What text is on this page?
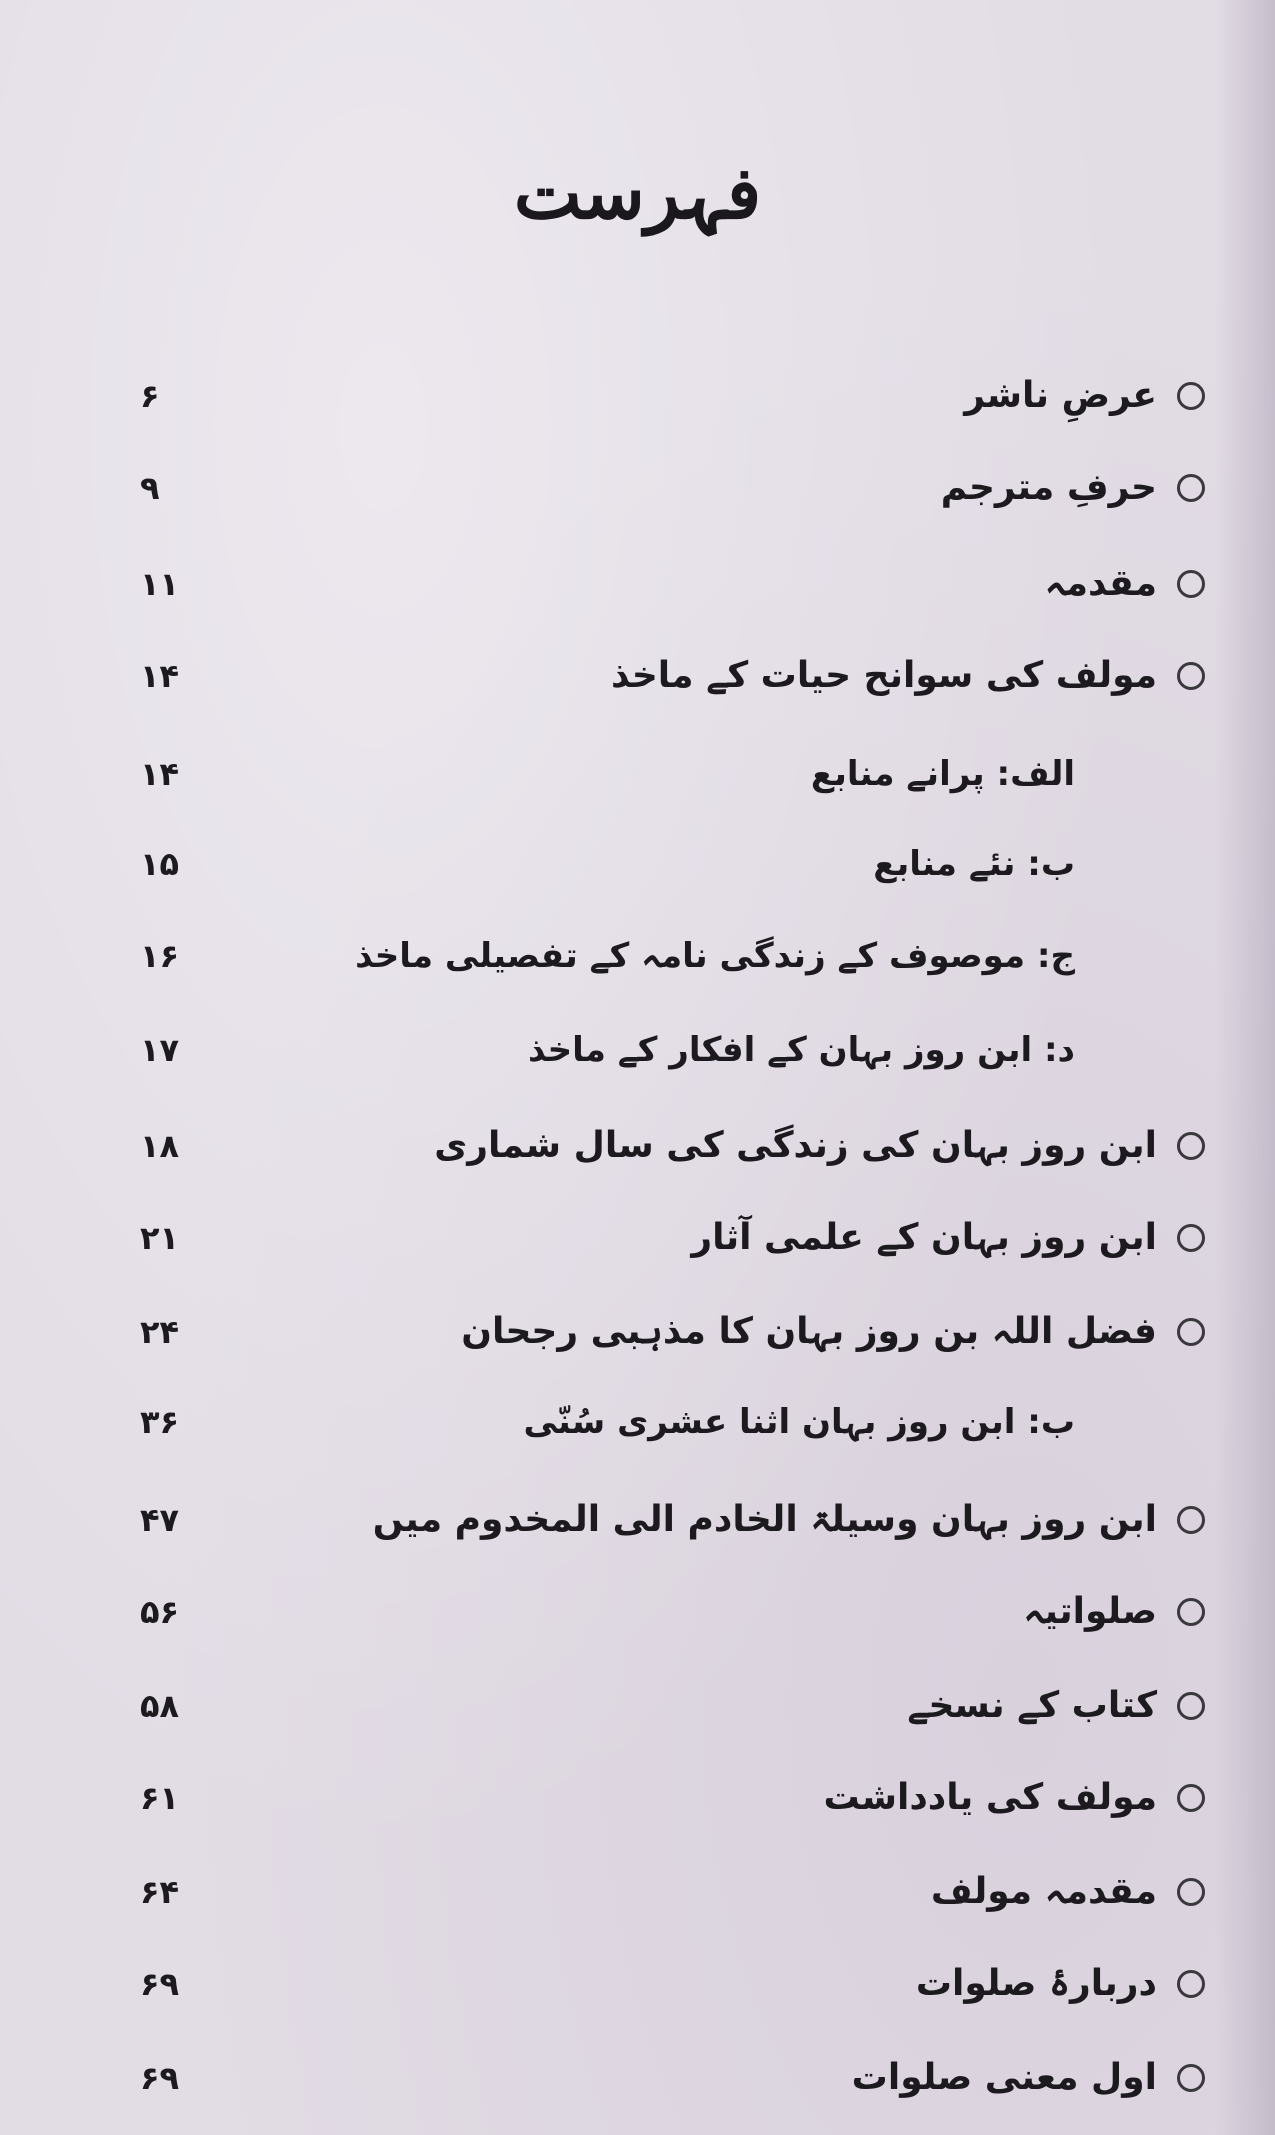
فہرست
عرضِ ناشر
۶
حرفِ مترجم
۹
مقدمہ
۱۱
مولف کی سوانح حیات کے ماخذ
۱۴
الف: پرانے منابع
۱۴
ب: نئے منابع
۱۵
ج: موصوف کے زندگی نامہ کے تفصیلی ماخذ
۱۶
د: ابن روز بہان کے افکار کے ماخذ
۱۷
ابن روز بہان کی زندگی کی سال شماری
۱۸
ابن روز بہان کے علمی آثار
۲۱
فضل اللہ بن روز بہان کا مذہبی رجحان
۲۴
ب: ابن روز بہان اثنا عشری سُنّی
۳۶
ابن روز بہان وسیلۃ الخادم الی المخدوم میں
۴۷
صلواتیہ
۵۶
کتاب کے نسخے
۵۸
مولف کی یادداشت
۶۱
مقدمہ مولف
۶۴
دربارۂ صلوات
۶۹
اول معنی صلوات
۶۹
